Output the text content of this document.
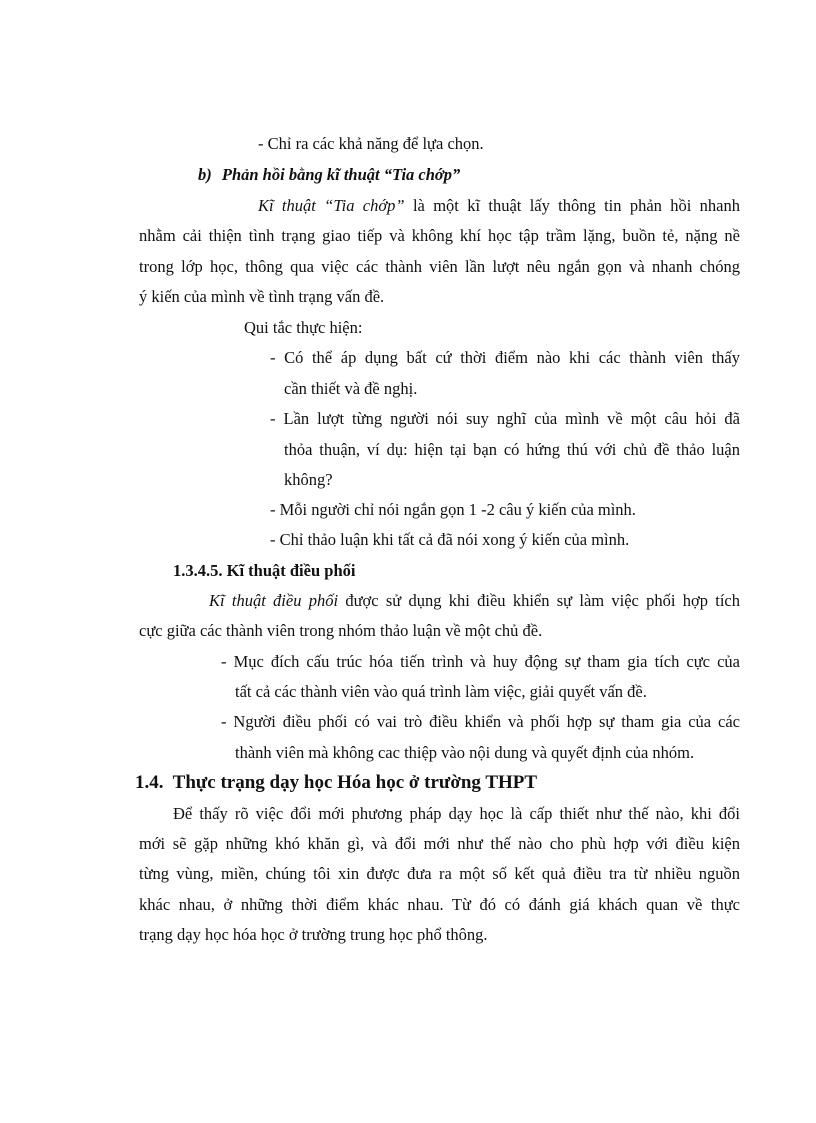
- Chỉ ra các khả năng để lựa chọn.
b) Phản hồi bằng kĩ thuật “Tia chớp”
Kĩ thuật “Tia chớp” là một kĩ thuật lấy thông tin phản hồi nhanh
nhằm cải thiện tình trạng giao tiếp và không khí học tập trầm lặng, buồn tẻ, nặng nề
trong lớp học, thông qua việc các thành viên lần lượt nêu ngắn gọn và nhanh chóng
ý kiến của mình về tình trạng vấn đề.
Qui tắc thực hiện:
- Có thể áp dụng bất cứ thời điểm nào khi các thành viên thấy
cần thiết và đề nghị.
- Lần lượt từng người nói suy nghĩ của mình về một câu hỏi đã
thỏa thuận, ví dụ: hiện tại bạn có hứng thú với chủ đề thảo luận
không?
- Mỗi người chỉ nói ngắn gọn 1 -2 câu ý kiến của mình.
- Chỉ thảo luận khi tất cả đã nói xong ý kiến của mình.
1.3.4.5. Kĩ thuật điều phối
Kĩ thuật điều phối được sử dụng khi điều khiển sự làm việc phối hợp tích
cực giữa các thành viên trong nhóm thảo luận về một chủ đề.
- Mục đích cấu trúc hóa tiến trình và huy động sự tham gia tích cực của
tất cả các thành viên vào quá trình làm việc, giải quyết vấn đề.
- Người điều phối có vai trò điều khiển và phối hợp sự tham gia của các
thành viên mà không cac thiệp vào nội dung và quyết định của nhóm.
1.4.  Thực trạng dạy học Hóa học ở trường THPT
Để thấy rõ việc đổi mới phương pháp dạy học là cấp thiết như thế nào, khi đổi
mới sẽ gặp những khó khăn gì, và đổi mới như thế nào cho phù hợp với điều kiện
từng vùng, miền, chúng tôi xin được đưa ra một số kết quả điều tra từ nhiều nguồn
khác nhau, ở những thời điểm khác nhau. Từ đó có đánh giá khách quan về thực
trạng dạy học hóa học ở trường trung học phổ thông.
